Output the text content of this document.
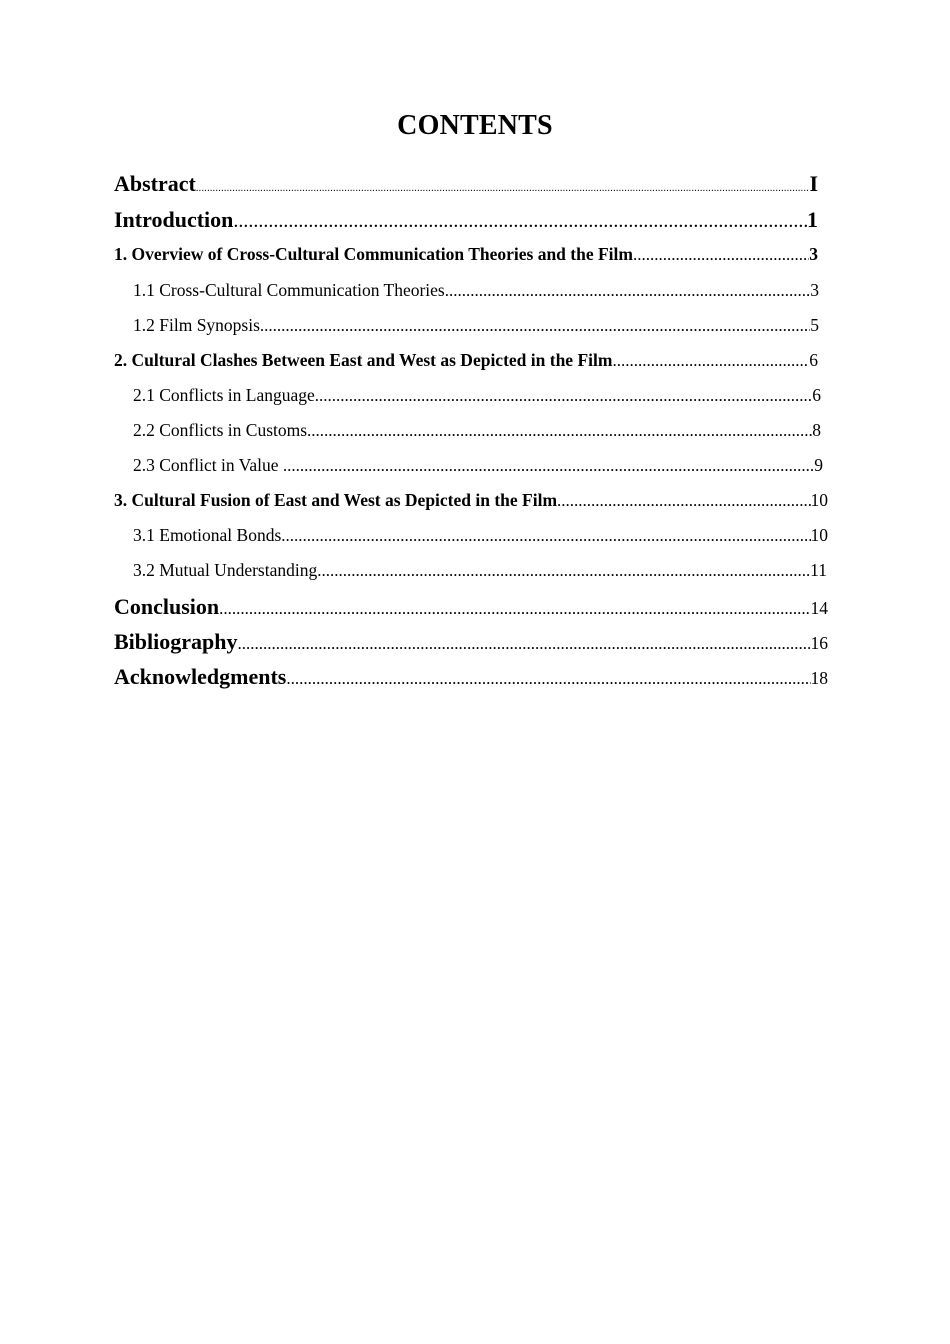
CONTENTS
Abstract .....	I
Introduction .....	1
1. Overview of Cross-Cultural Communication Theories and the Film .....	3
1.1 Cross-Cultural Communication Theories .....	3
1.2 Film Synopsis .....	5
2. Cultural Clashes Between East and West as Depicted in the Film .....	6
2.1 Conflicts in Language .....	6
2.2 Conflicts in Customs .....	8
2.3 Conflict in Value .....	9
3. Cultural Fusion of East and West as Depicted in the Film .....	10
3.1 Emotional Bonds .....	10
3.2 Mutual Understanding .....	11
Conclusion .....	14
Bibliography .....	16
Acknowledgments .....	18
